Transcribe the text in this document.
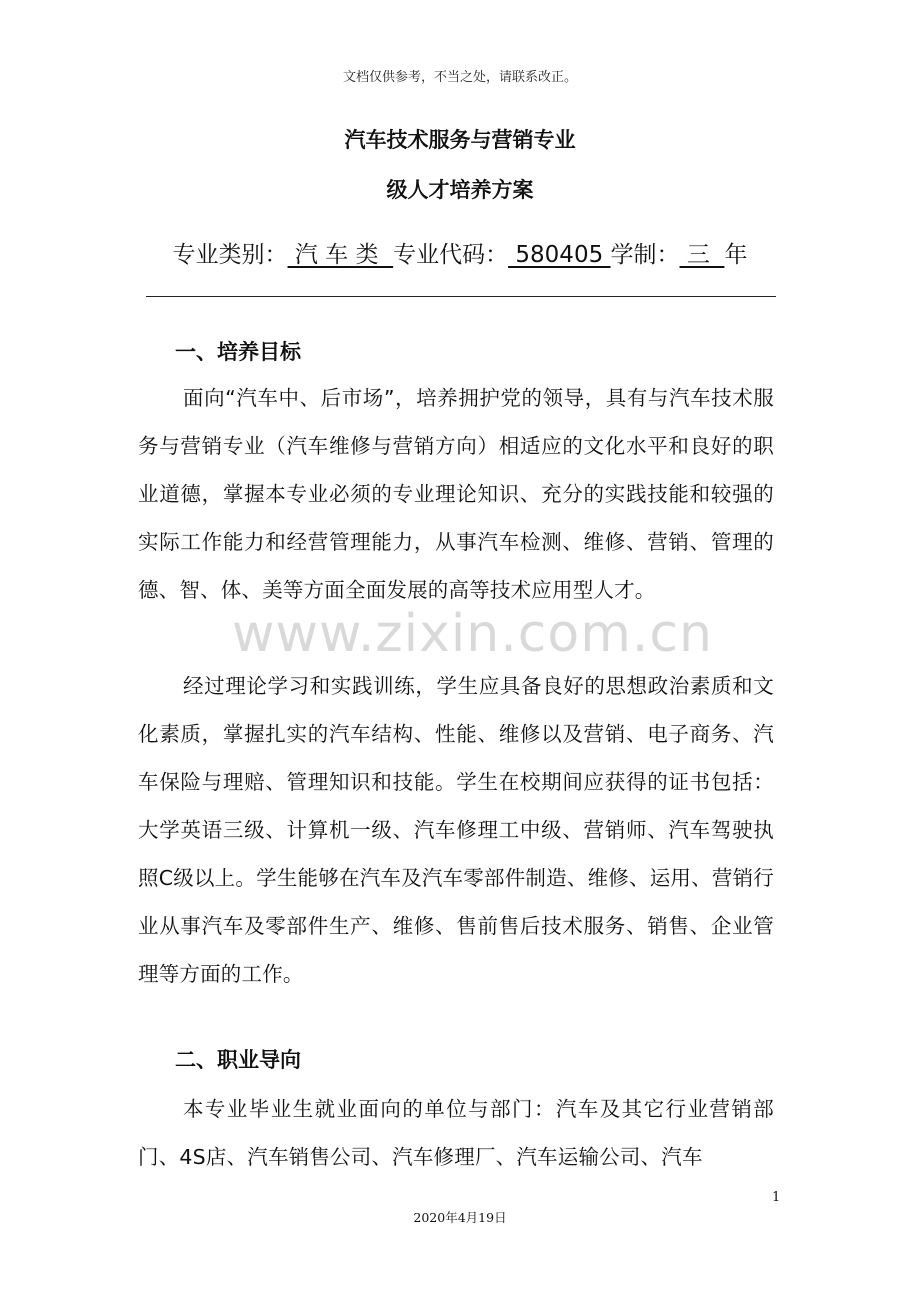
文档仅供参考，不当之处，请联系改正。
汽车技术服务与营销专业
级人才培养方案
专业类别： 汽 车 类  专业代码： 580405 学制： 三  年
一、培养目标
面向“汽车中、后市场”，培养拥护党的领导，具有与汽车技术服务与营销专业（汽车维修与营销方向）相适应的文化水平和良好的职业道德，掌握本专业必须的专业理论知识、充分的实践技能和较强的实际工作能力和经营管理能力，从事汽车检测、维修、营销、管理的德、智、体、美等方面全面发展的高等技术应用型人才。
经过理论学习和实践训练，学生应具备良好的思想政治素质和文化素质，掌握扎实的汽车结构、性能、维修以及营销、电子商务、汽车保险与理赔、管理知识和技能。学生在校期间应获得的证书包括：大学英语三级、计算机一级、汽车修理工中级、营销师、汽车驾驶执照C级以上。学生能够在汽车及汽车零部件制造、维修、运用、营销行业从事汽车及零部件生产、维修、售前售后技术服务、销售、企业管理等方面的工作。
二、职业导向
本专业毕业生就业面向的单位与部门：汽车及其它行业营销部门、4S店、汽车销售公司、汽车修理厂、汽车运输公司、汽车
www.zixin.com.cn
1
2020年4月19日
